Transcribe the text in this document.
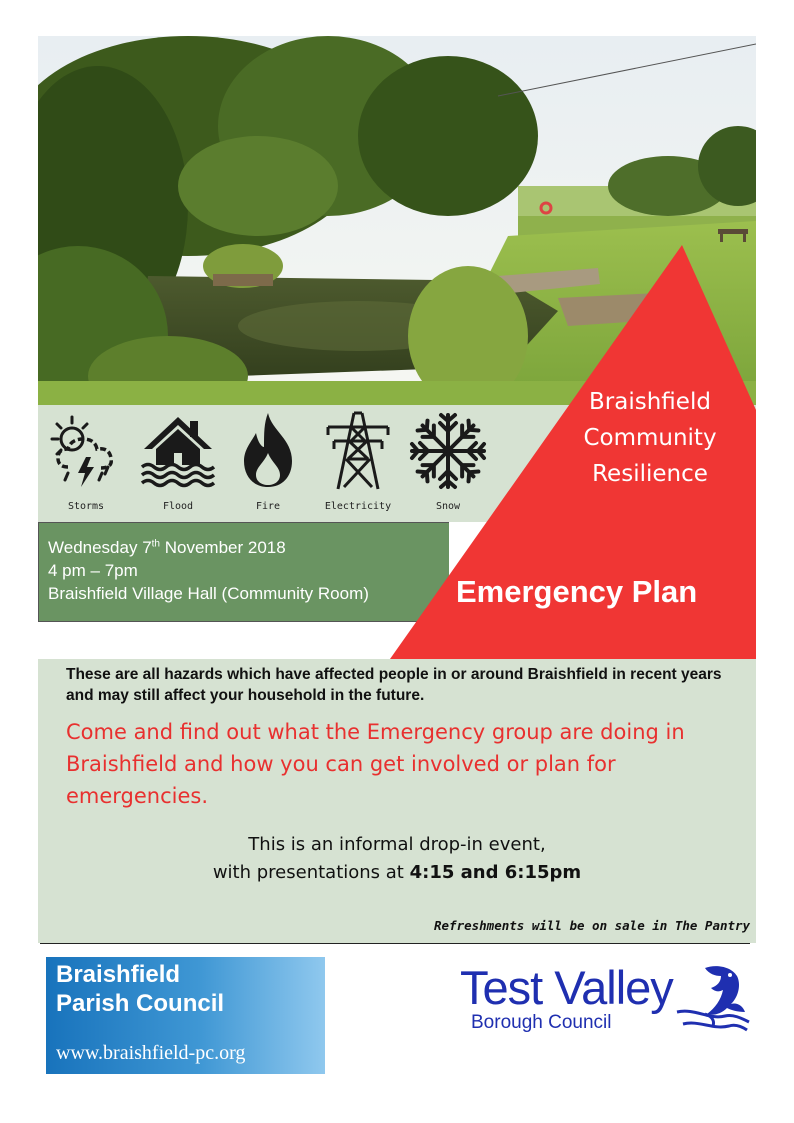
Storms	Flood	Fire	Electricity	Snow
Wednesday 7th November 2018
4 pm – 7pm
Braishfield Village Hall (Community Room)
Braishfield
Community
Resilience
Emergency Plan
These are all hazards which have affected people in or around Braishfield in recent years and may still affect your household in the future.
Come and find out what the Emergency group are doing in Braishfield and how you can get involved or plan for emergencies.
This is an informal drop-in event,
with presentations at 4:15 and 6:15pm
Refreshments will be on sale in The Pantry
Braishfield
Parish Council
www.braishfield-pc.org
Test Valley
Borough Council
